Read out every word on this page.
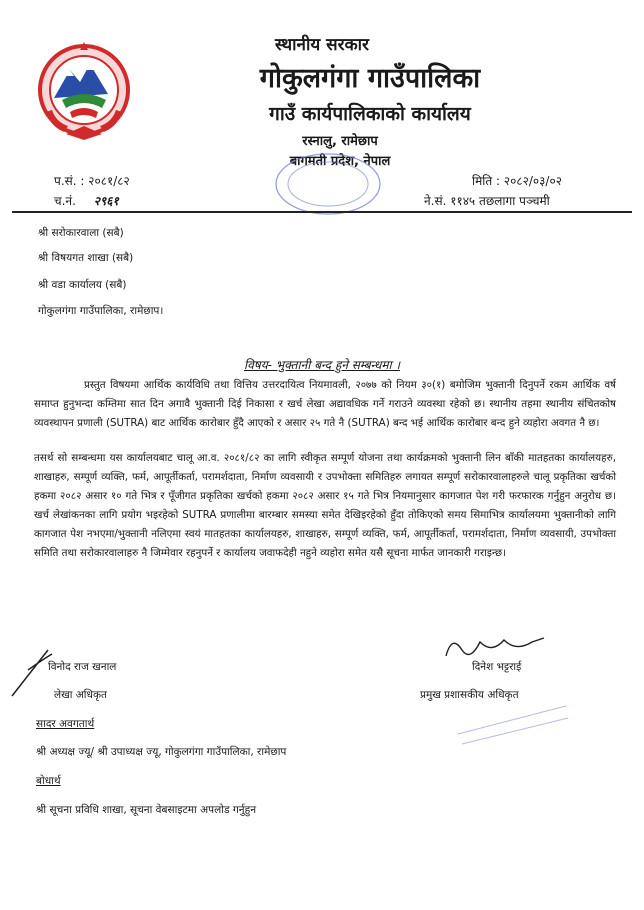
स्थानीय सरकार
गोकुलगंगा गाउँपालिका
गाउँ कार्यपालिकाको कार्यालय
रस्नालु, रामेछाप
बागमती प्रदेश, नेपाल
प.सं. : २०८१/८२
च.नं. २९६१
मिति : २०८२/०३/०२
ने.सं. ११४५ तछलागा पञ्चमी
श्री सरोकारवाला (सबै)
श्री विषयगत शाखा (सबै)
श्री वडा कार्यालय (सबै)
गोकुलगंगा गाउँपालिका, रामेछाप।
विषय- भुक्तानी बन्द हुने सम्बन्धमा ।
प्रस्तुत विषयमा आर्थिक कार्यविधि तथा वित्तिय उत्तरदायित्व नियमावली, २०७७ को नियम ३०(१) बमोजिम भुक्तानी दिनुपर्ने रकम आर्थिक वर्ष समाप्त हुनुभन्दा कम्तिमा सात दिन अगावै भुक्तानी दिई निकासा र खर्च लेखा अद्यावधिक गर्ने गराउने व्यवस्था रहेको छ। स्थानीय तहमा स्थानीय संचितकोष व्यवस्थापन प्रणाली (SUTRA) बाट आर्थिक कारोबार हुँदै आएको र असार २५ गते नै (SUTRA) बन्द भई आर्थिक कारोबार बन्द हुने व्यहोरा अवगत नै छ।
तसर्थ सो सम्बन्धमा यस कार्यालयबाट चालू आ.व. २०८१/८२ का लागि स्वीकृत सम्पूर्ण योजना तथा कार्यक्रमको भुक्तानी लिन बाँकी मातहतका कार्यालयहरु, शाखाहरु, सम्पूर्ण व्यक्ति, फर्म, आपूर्तीकर्ता, परामर्शदाता, निर्माण व्यवसायी र उपभोक्ता समितिहरु लगायत सम्पूर्ण सरोकारवालाहरुले चालू प्रकृतिका खर्चको हकमा २०८२ असार १० गते भित्र र पूँजीगत प्रकृतिका खर्चको हकमा २०८२ असार १५ गते भित्र नियमानुसार कागजात पेश गरी फरफारक गर्नुहुन अनुरोध छ। खर्च लेखांकनका लागि प्रयोग भइरहेको SUTRA प्रणालीमा बारम्बार समस्या समेत देखिइरहेको हुँदा तोकिएको समय सिमाभित्र कार्यालयमा भुक्तानीको लागि कागजात पेश नभएमा/भुक्तानी नलिएमा स्वयं मातहतका कार्यालयहरु, शाखाहरु, सम्पूर्ण व्यक्ति, फर्म, आपूर्तीकर्ता, परामर्शदाता, निर्माण व्यवसायी, उपभोक्ता समिति तथा सरोकारवालाहरु नै जिम्मेवार रहनुपर्ने र कार्यालय जवाफदेही नहुने व्यहोरा समेत यसै सूचना मार्फत जानकारी गराइन्छ।
विनोद राज खनाल
लेखा अधिकृत
दिनेश भट्टराई
प्रमुख प्रशासकीय अधिकृत
सादर अवगतार्थ
श्री अध्यक्ष ज्यू/ श्री उपाध्यक्ष ज्यू, गोकुलगंगा गाउँपालिका, रामेछाप
बोधार्थ
श्री सूचना प्रविधि शाखा, सूचना वेबसाइटमा अपलोड गर्नुहुन
